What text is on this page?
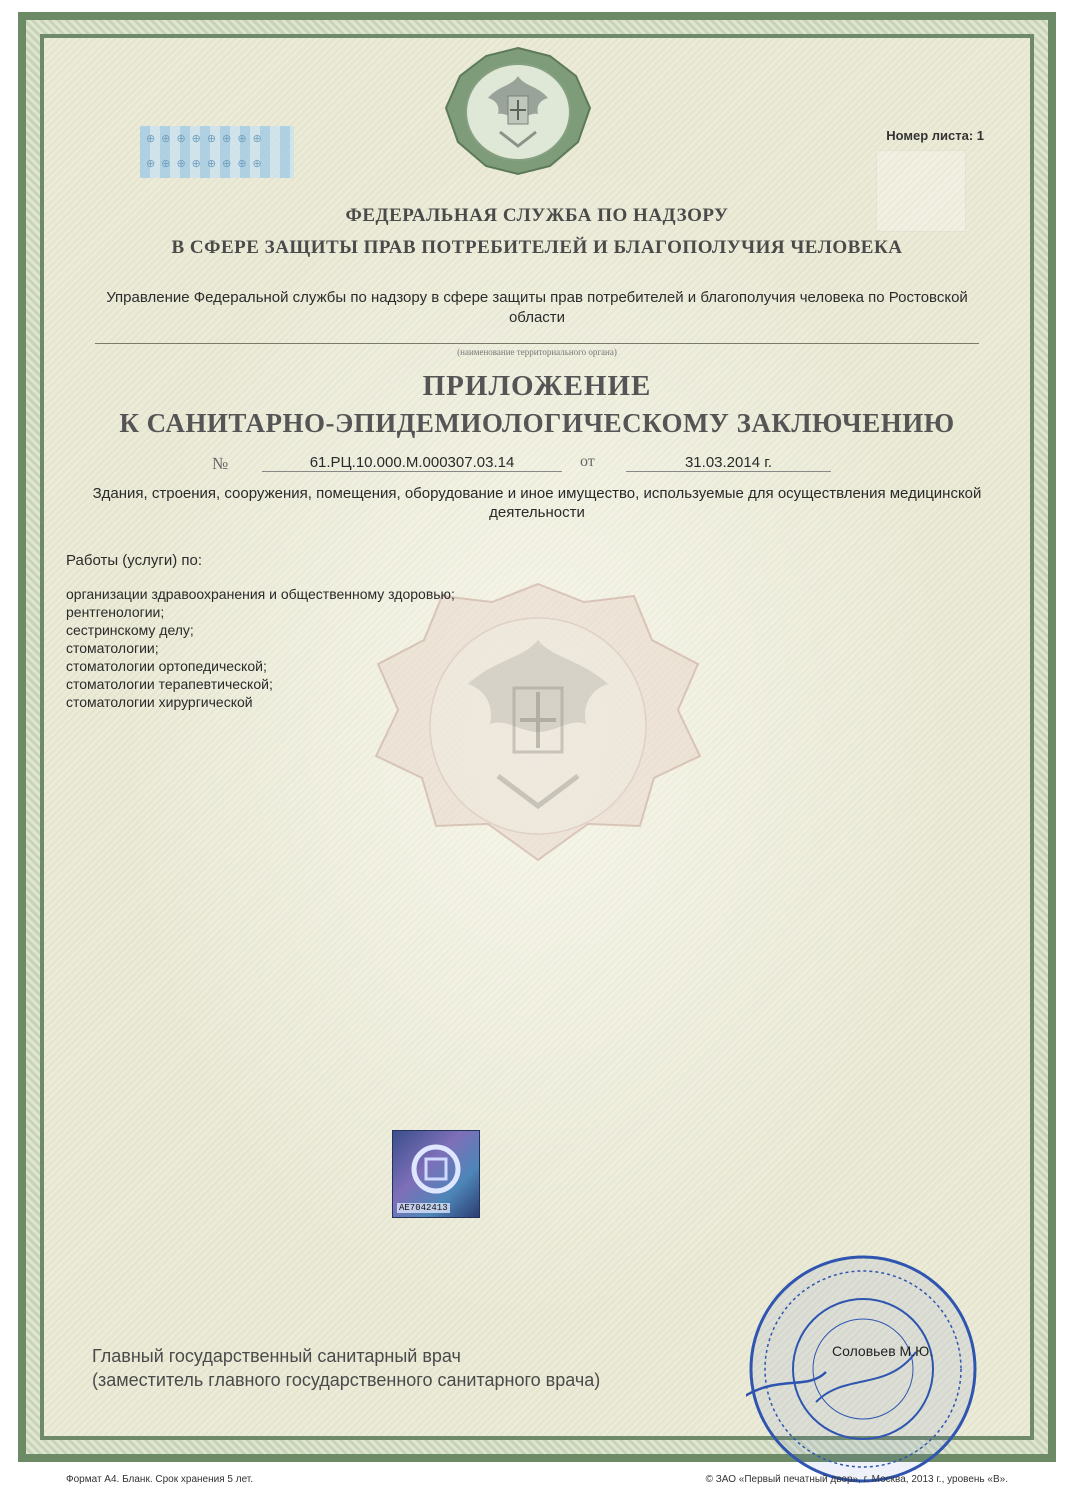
⊕ ⊕ ⊕ ⊕ ⊕ ⊕ ⊕ ⊕
⊕ ⊕ ⊕ ⊕ ⊕ ⊕ ⊕ ⊕
Номер листа: 1
ФЕДЕРАЛЬНАЯ СЛУЖБА ПО НАДЗОРУ
В СФЕРЕ ЗАЩИТЫ ПРАВ ПОТРЕБИТЕЛЕЙ И БЛАГОПОЛУЧИЯ ЧЕЛОВЕКА
Управление Федеральной службы по надзору в сфере защиты прав потребителей и благополучия человека по Ростовской области
(наименование территориального органа)
ПРИЛОЖЕНИЕ
К САНИТАРНО-ЭПИДЕМИОЛОГИЧЕСКОМУ ЗАКЛЮЧЕНИЮ
№	61.РЦ.10.000.М.000307.03.14	от	31.03.2014 г.
Здания, строения, сооружения, помещения, оборудование и иное имущество, используемые для осуществления медицинской деятельности
Работы (услуги) по:
организации здравоохранения и общественному здоровью;
рентгенологии;
сестринскому делу;
стоматологии;
стоматологии ортопедической;
стоматологии терапевтической;
стоматологии хирургической
АЕ7042413
Главный государственный санитарный врач
(заместитель главного государственного санитарного врача)
Соловьев М.Ю.
Формат А4. Бланк. Срок хранения 5 лет.	© ЗАО «Первый печатный двор», г. Москва, 2013 г., уровень «В».
